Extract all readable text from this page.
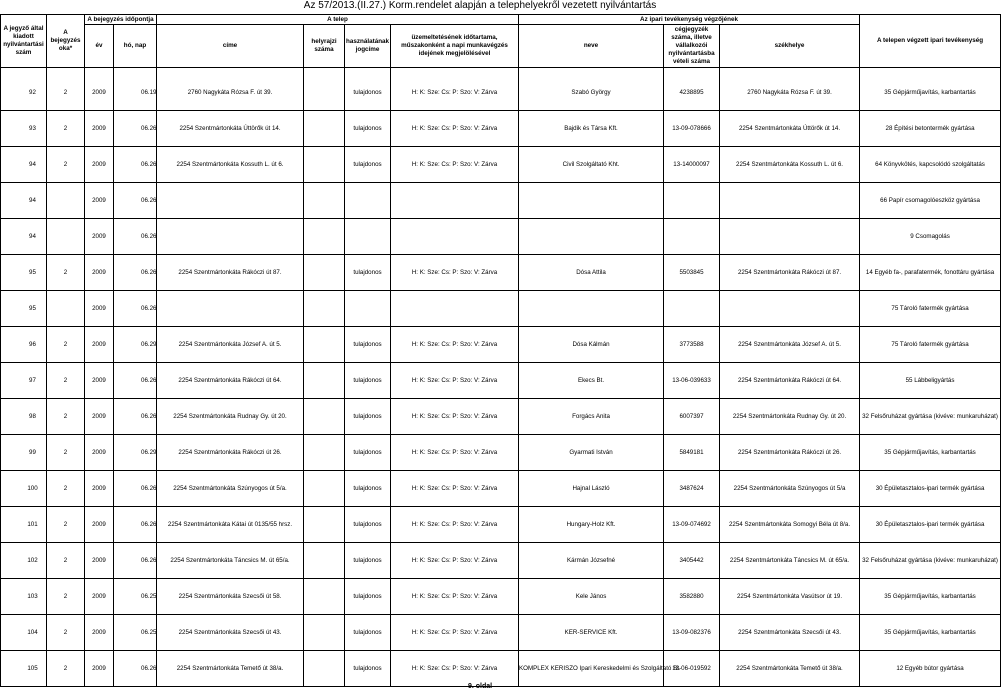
Az 57/2013.(II.27.) Korm.rendelet alapján a telephelyekről vezetett nyilvántartás
A jegyző által kiadott nyilvántartási szám	A bejegyzés oka*	A bejegyzés időpontja		A telep				Az ipari tevékenység végzőjének			A telepen végzett ipari tevékenység
		év	hó, nap	címe	helyrajzi száma	használatának jogcíme	üzemeltetésének időtartama, műszakonként a napi munkavégzés idejének megjelölésével	neve	cégjegyzék száma, illetve vállalkozói nyilvántartásba vételi száma	székhelye	

92	2	2009	06.19	2760 Nagykáta Rózsa F. út 39.		tulajdonos	H: K: Sze: Cs: P: Szo: V: Zárva	Szabó György	4238895	2760 Nagykáta Rózsa F. út 39.	35 Gépjárműjavítás, karbantartás
93	2	2009	06.26	2254 Szentmártonkáta Úttörők út 14.		tulajdonos	H: K: Sze: Cs: P: Szo: V: Zárva	Bajdik és Társa Kft.	13-09-078666	2254 Szentmártonkáta Úttörők út 14.	28 Építési betontermék gyártása
94	2	2009	06.26	2254 Szentmártonkáta Kossuth L. út 6.		tulajdonos	H: K: Sze: Cs: P: Szo: V: Zárva	Civil Szolgáltató Kht.	13-14000097	2254 Szentmártonkáta Kossuth L. út 6.	64 Könyvkötés, kapcsolódó szolgáltatás
94		2009	06.26								66 Papír csomagolóeszköz gyártása
94		2009	06.26								9 Csomagolás
95	2	2009	06.26	2254 Szentmártonkáta Rákóczi út 87.		tulajdonos	H: K: Sze: Cs: P: Szo: V: Zárva	Dósa Attila	5503845	2254 Szentmártonkáta Rákóczi út 87.	14 Egyéb fa-, parafatermék, fonottáru gyártása
95		2009	06.26								75 Tároló fatermék gyártása
96	2	2009	06.29	2254 Szentmártonkáta József A. út 5.		tulajdonos	H: K: Sze: Cs: P: Szo: V: Zárva	Dósa Kálmán	3773588	2254 Szentmártonkáta József A. út 5.	75 Tároló fatermék gyártása
97	2	2009	06.26	2254 Szentmártonkáta Rákóczi út 64.		tulajdonos	H: K: Sze: Cs: P: Szo: V: Zárva	Ekecs Bt.	13-06-039633	2254 Szentmártonkáta Rákóczi út 64.	55 Lábbeligyártás
98	2	2009	06.26	2254 Szentmártonkáta Rudnay Gy. út 20.		tulajdonos	H: K: Sze: Cs: P: Szo: V: Zárva	Forgács Anita	6007397	2254 Szentmártonkáta Rudnay Gy. út 20.	32 Felsőruházat gyártása (kivéve: munkaruházat)
99	2	2009	06.29	2254 Szentmártonkáta Rákóczi út 26.		tulajdonos	H: K: Sze: Cs: P: Szo: V: Zárva	Gyarmati István	5849181	2254 Szentmártonkáta Rákóczi út 26.	35 Gépjárműjavítás, karbantartás
100	2	2009	06.26	2254 Szentmártonkáta Szúnyogos út 5/a.		tulajdonos	H: K: Sze: Cs: P: Szo: V: Zárva	Hajnal László	3487624	2254 Szentmártonkáta Szúnyogos út 5/a	30 Épületasztalos-ipari termék gyártása
101	2	2009	06.26	2254 Szentmártonkáta Kátai út 0135/55 hrsz.		tulajdonos	H: K: Sze: Cs: P: Szo: V: Zárva	Hungary-Holz Kft.	13-09-074692	2254 Szentmártonkáta Somogyi Béla út 8/a.	30 Épületasztalos-ipari termék gyártása
102	2	2009	06.26	2254 Szentmártonkáta Táncsics M. út 65/a.		tulajdonos	H: K: Sze: Cs: P: Szo: V: Zárva	Kármán Józsefné	3405442	2254 Szentmártonkáta Táncsics M. út 65/a.	32 Felsőruházat gyártása (kivéve: munkaruházat)
103	2	2009	06.25	2254 Szentmártonkáta Szecsői út 58.		tulajdonos	H: K: Sze: Cs: P: Szo: V: Zárva	Kele János	3582880	2254 Szentmártonkáta Vasútsor út 19.	35 Gépjárműjavítás, karbantartás
104	2	2009	06.25	2254 Szentmártonkáta Szecsői út 43.		tulajdonos	H: K: Sze: Cs: P: Szo: V: Zárva	KER-SERVICE Kft.	13-09-082376	2254 Szentmártonkáta Szecsői út 43.	35 Gépjárműjavítás, karbantartás
105	2	2009	06.26	2254 Szentmártonkáta Temető út 38/a.		tulajdonos	H: K: Sze: Cs: P: Szo: V: Zárva	KOMPLEX KERISZO Ipari Kereskedelmi és Szolgáltató Bt.	13-06-019592	2254 Szentmártonkáta Temető út 38/a.	12 Egyéb bútor gyártása
9. oldal
